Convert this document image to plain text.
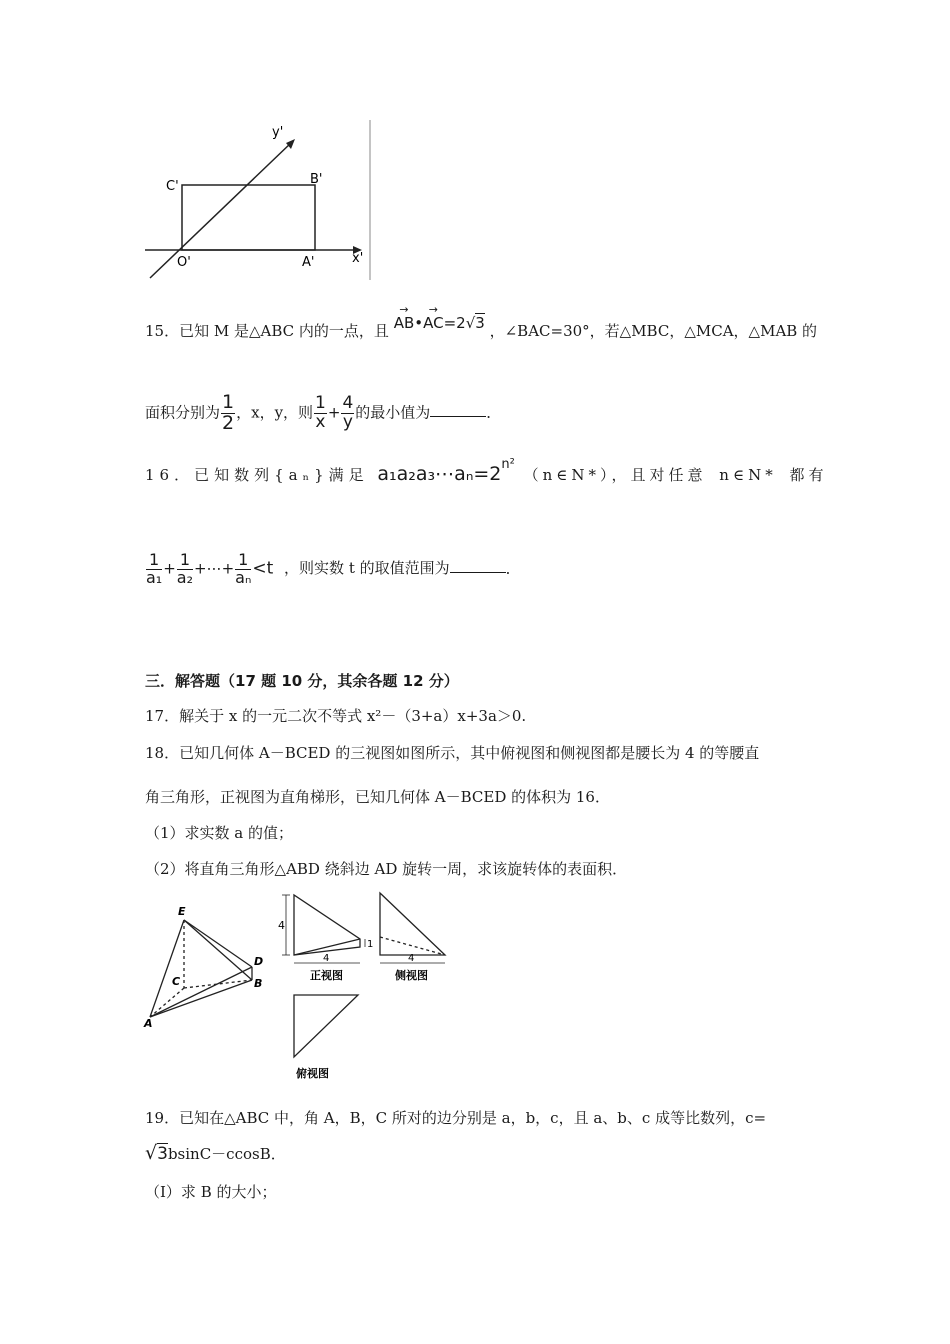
y'
B'
C'
O'	A'	x'
15．已知 M 是△ABC 内的一点，且 → AB•→ AC=2√3 ，∠BAC=30°，若△MBC，△MCA，△MAB 的
面积分别为 $\frac{1}{2}$ ，x，y，则 $\frac{1}{x} + \frac{4}{y}$ 的最小值为	．
16．已知数列{aₙ}满足 $a_1a_2a_3\cdots a_n=2^{n^2}$ （n∈N*），且对任意 n∈N* 都有
$\frac{1}{\text{a₁}} + \frac{1}{\text{a₂}}$ +⋯+ $\frac{1}{\text{aₙ}} <t$ ，则实数 t 的取值范围为	．
三．解答题（17 题 10 分，其余各题 12 分）
17．解关于 x 的一元二次不等式 x²－（3+a）x+3a＞0.
18．已知几何体 A－BCED 的三视图如图所示，其中俯视图和侧视图都是腰长为 4 的等腰直
角三角形，正视图为直角梯形，已知几何体 A－BCED 的体积为 16．
（1）求实数 a 的值；
（2）将直角三角形△ABD 绕斜边 AD 旋转一周，求该旋转体的表面积．
E
D
C	B
A
4
1
4
正视图
4
侧视图
俯视图
19．已知在△ABC 中，角 A，B，C 所对的边分别是 a，b，c，且 a、b、c 成等比数列，c=
√3bsinC－ccosB．
（Ⅰ）求 B 的大小；
